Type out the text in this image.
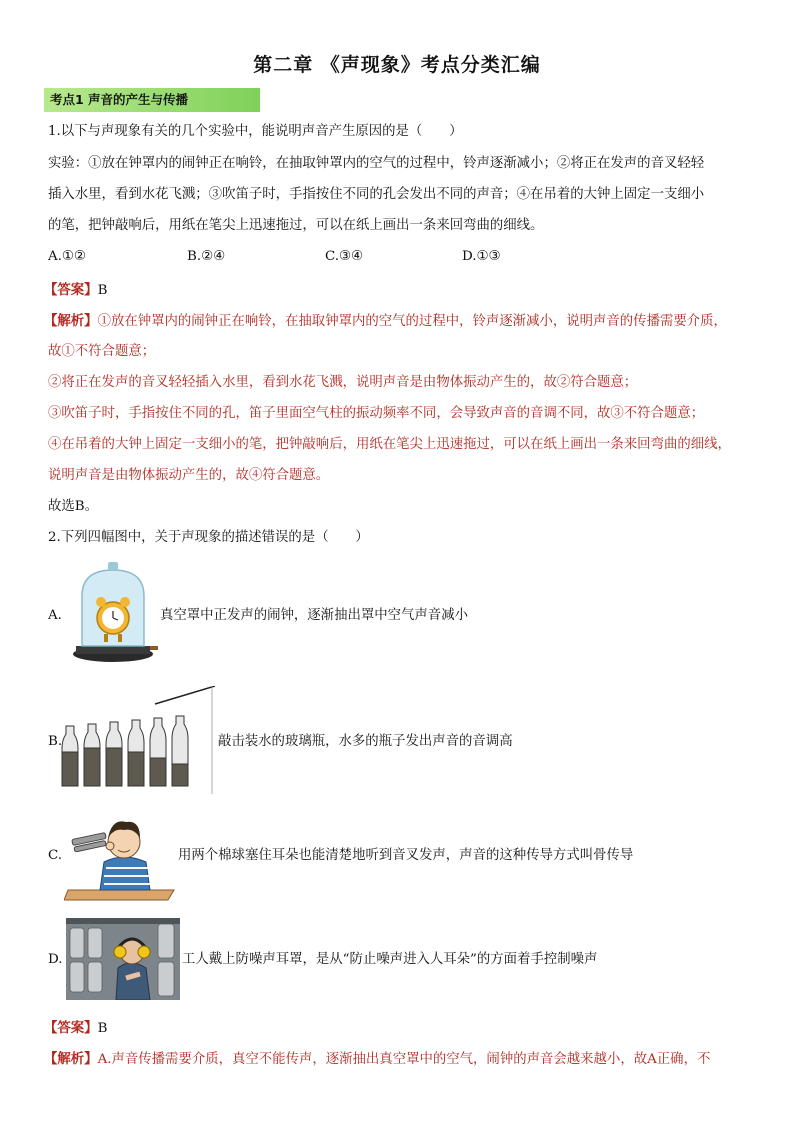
第二章 《声现象》考点分类汇编
考点1 声音的产生与传播
1.以下与声现象有关的几个实验中，能说明声音产生原因的是（　　）
实验：①放在钟罩内的闹钟正在响铃，在抽取钟罩内的空气的过程中，铃声逐渐减小；②将正在发声的音叉轻轻
插入水里，看到水花飞溅；③吹笛子时，手指按住不同的孔会发出不同的声音；④在吊着的大钟上固定一支细小
的笔，把钟敲响后，用纸在笔尖上迅速拖过，可以在纸上画出一条来回弯曲的细线。
A.①②	B.②④	C.③④	D.①③
【答案】B
【解析】①放在钟罩内的闹钟正在响铃，在抽取钟罩内的空气的过程中，铃声逐渐减小，说明声音的传播需要介质，
故①不符合题意；
②将正在发声的音叉轻轻插入水里，看到水花飞溅，说明声音是由物体振动产生的，故②符合题意；
③吹笛子时，手指按住不同的孔，笛子里面空气柱的振动频率不同，会导致声音的音调不同，故③不符合题意；
④在吊着的大钟上固定一支细小的笔，把钟敲响后，用纸在笔尖上迅速拖过，可以在纸上画出一条来回弯曲的细线，
说明声音是由物体振动产生的，故④符合题意。
故选B。
2.下列四幅图中，关于声现象的描述错误的是（　　）
A.	真空罩中正发声的闹钟，逐渐抽出罩中空气声音减小
B.	敲击装水的玻璃瓶，水多的瓶子发出声音的音调高
C.	用两个棉球塞住耳朵也能清楚地听到音叉发声，声音的这种传导方式叫骨传导
D.	工人戴上防噪声耳罩，是从“防止噪声进入人耳朵”的方面着手控制噪声
【答案】B
【解析】A.声音传播需要介质，真空不能传声，逐渐抽出真空罩中的空气，闹钟的声音会越来越小，故A正确，不
